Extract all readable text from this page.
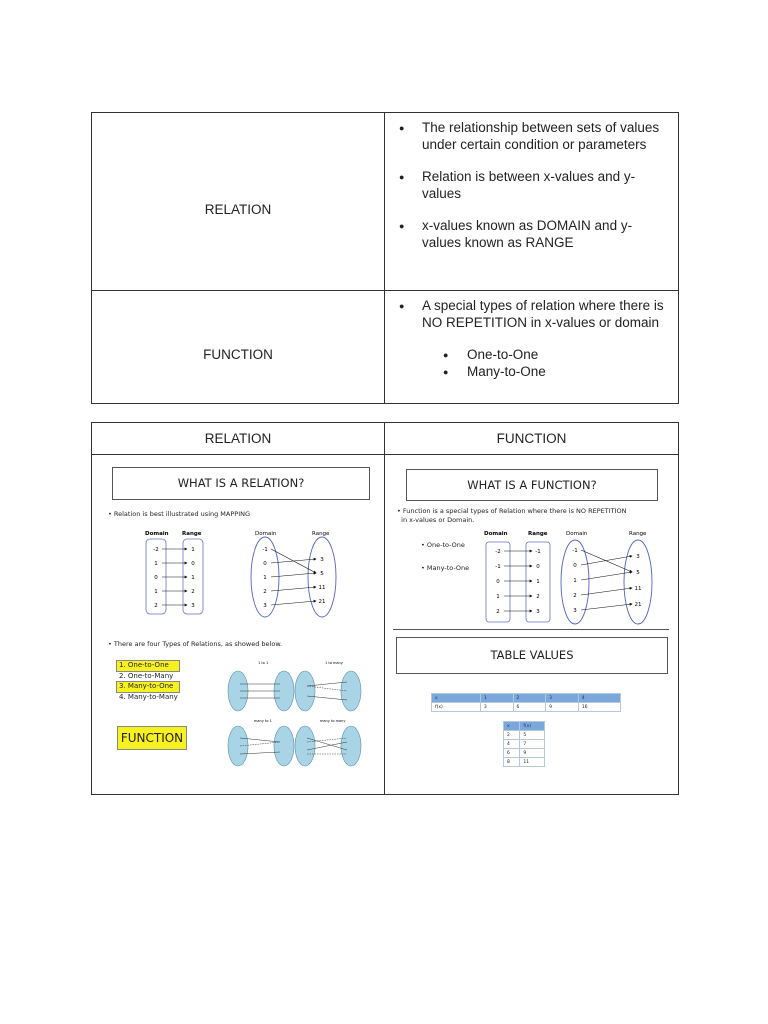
RELATION
● The relationship between sets of values under certain condition or parameters
● Relation is between x-values and y-values
● x-values known as DOMAIN and y-values known as RANGE
FUNCTION
● A special types of relation where there is NO REPETITION in x-values or domain
● One-to-One
● Many-to-One
RELATION	FUNCTION
WHAT IS A RELATION?
• Relation is best illustrated using MAPPING
Domain Range
-2
1
0
1
2
1
0
1
2
3
Domain	Range
-1
0
1
2
3
3
5
11
21
• There are four Types of Relations, as showed below.
1. One-to-One
2. One-to-Many
3. Many-to-One
4. Many-to-Many
FUNCTION
1 to 1	1 to many
many to 1	many to many
WHAT IS A FUNCTION?
• Function is a special types of Relation where there is NO REPETITION
in x-values or Domain.
• One-to-One
• Many-to-One
Domain	Range
-2
-1
0
1
2
-1
0
1
2
3
Domain	Range
-1
0
1
2
3
3
5
11
21
TABLE VALUES
x	1	2	3	4
f(x)	3	6	9	16
x	f(x)
2	5
4	7
6	9
8	11
